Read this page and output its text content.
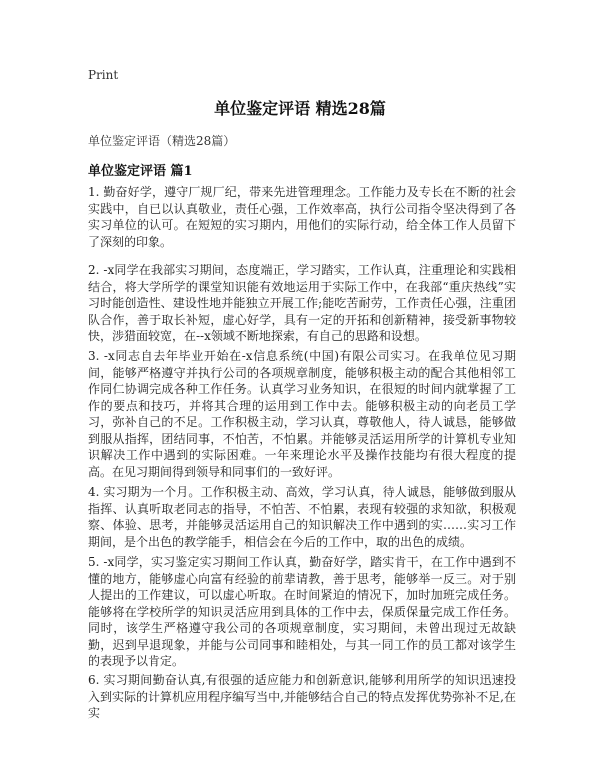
Print
单位鉴定评语 精选28篇
单位鉴定评语（精选28篇）
单位鉴定评语 篇1

1. 勤奋好学，遵守厂规厂纪，带来先进管理理念。工作能力及专长在不断的社会实践中，自已以认真敬业，责任心强，工作效率高，执行公司指令坚决得到了各实习单位的认可。在短短的实习期内，用他们的实际行动，给全体工作人员留下了深刻的印象。

2. -x同学在我部实习期间，态度端正，学习踏实，工作认真，注重理论和实践相结合，将大学所学的课堂知识能有效地运用于实际工作中，在我部“重庆热线”实习时能创造性、建设性地并能独立开展工作;能吃苦耐劳，工作责任心强，注重团队合作，善于取长补短，虚心好学，具有一定的开拓和创新精神，接受新事物较快，涉猎面较宽，在--x领域不断地探索，有自己的思路和设想。

3. -x同志自去年毕业开始在-x信息系统(中国)有限公司实习。在我单位见习期间，能够严格遵守并执行公司的各项规章制度，能够积极主动的配合其他相邻工作同仁协调完成各种工作任务。认真学习业务知识，在很短的时间内就掌握了工作的要点和技巧，并将其合理的运用到工作中去。能够积极主动的向老员工学习，弥补自己的不足。工作积极主动，学习认真，尊敬他人，待人诚恳，能够做到服从指挥，团结同事，不怕苦，不怕累。并能够灵活运用所学的计算机专业知识解决工作中遇到的实际困难。一年来理论水平及操作技能均有很大程度的提高。在见习期间得到领导和同事们的一致好评。

4. 实习期为一个月。工作积极主动、高效，学习认真，待人诚恳，能够做到服从指挥、认真听取老同志的指导，不怕苦、不怕累，表现有较强的求知欲，积极观察、体验、思考，并能够灵活运用自己的知识解决工作中遇到的实……实习工作期间，是个出色的教学能手，相信会在今后的工作中，取的出色的成绩。

5. -x同学，实习鉴定实习期间工作认真，勤奋好学，踏实肯干，在工作中遇到不懂的地方，能够虚心向富有经验的前辈请教，善于思考，能够举一反三。对于别人提出的工作建议，可以虚心听取。在时间紧迫的情况下，加时加班完成任务。能够将在学校所学的知识灵活应用到具体的工作中去，保质保量完成工作任务。同时，该学生严格遵守我公司的各项规章制度，实习期间，未曾出现过无故缺勤，迟到早退现象，并能与公司同事和睦相处，与其一同工作的员工都对该学生的表现予以肯定。

6. 实习期间勤奋认真,有很强的适应能力和创新意识,能够利用所学的知识迅速投入到实际的计算机应用程序编写当中,并能够结合自己的特点发挥优势弥补不足,在实
